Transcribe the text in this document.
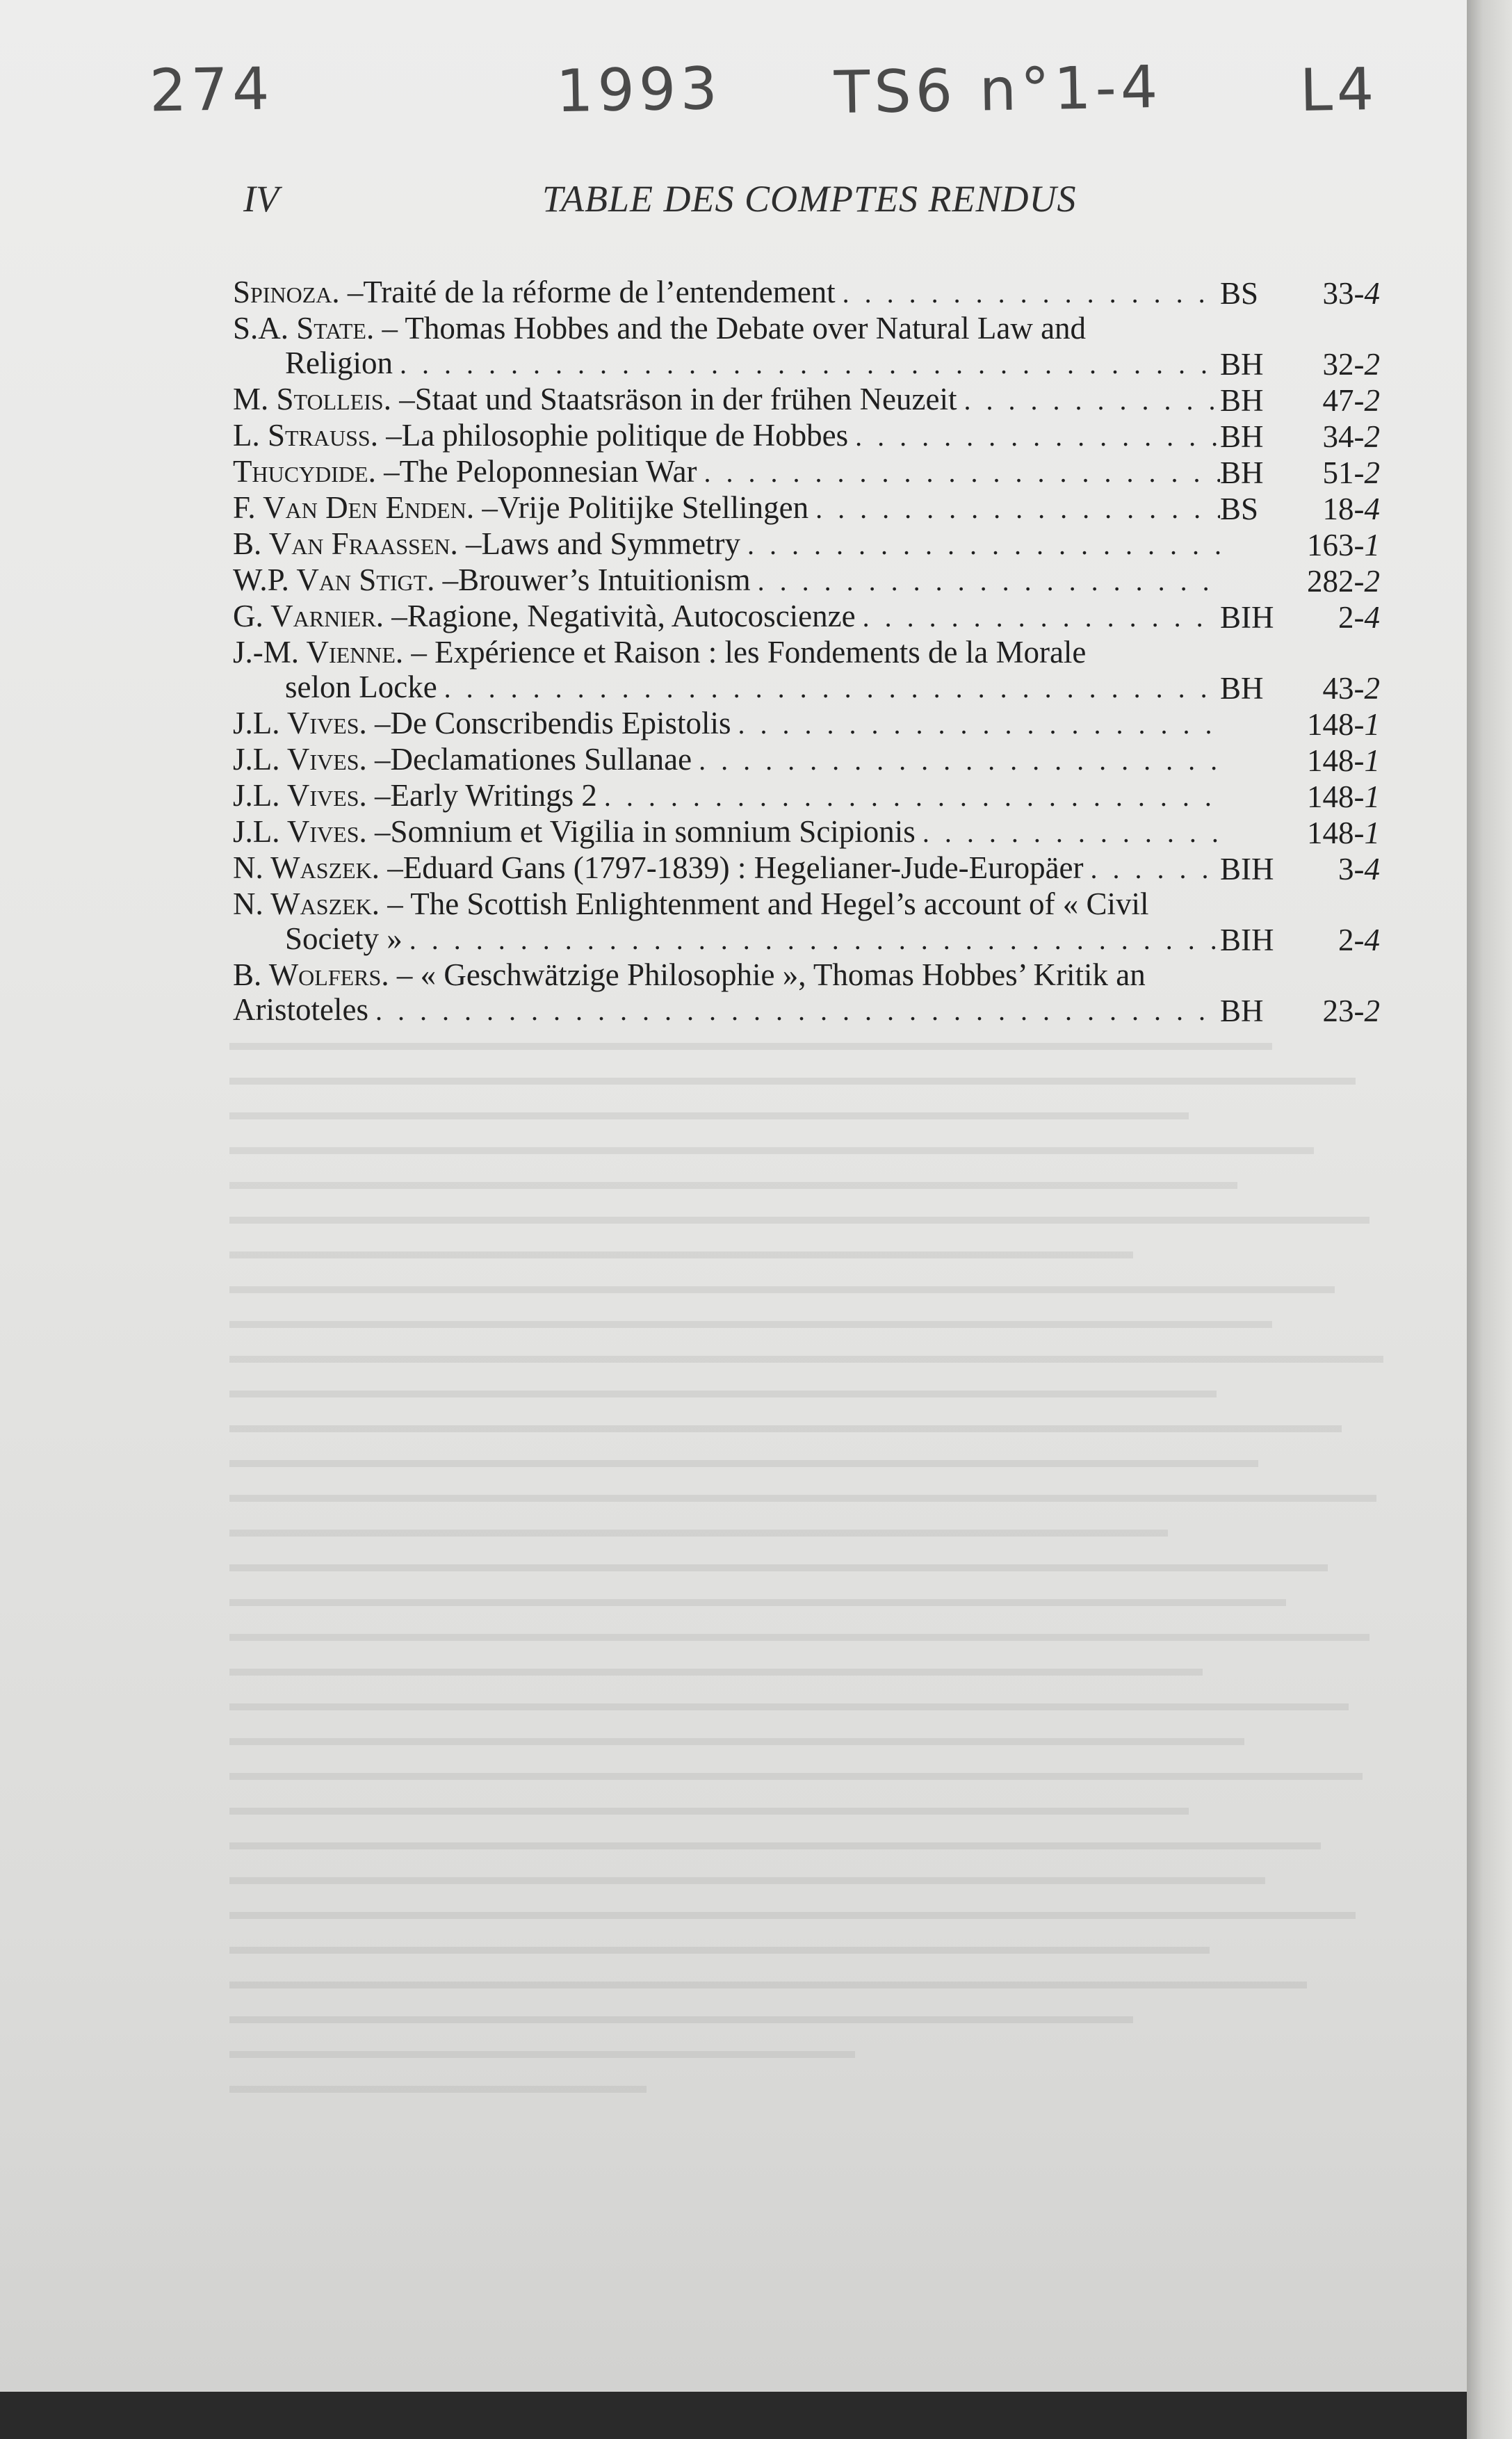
274	1993 TS6 n°1-4 L4
IV	TABLE DES COMPTES RENDUS
Spinoza . – Traité de la réforme de l’entendement . . .	BS	33-4
S.A. State. – Thomas Hobbes and the Debate over Natural Law and
Religion . . .	BH	32-2
M. Stolleis . – Staat und Staatsräson in der frühen Neuzeit . . .	BH	47-2
L. Strauss . – La philosophie politique de Hobbes . . .	BH	34-2
Thucydide . – The Peloponnesian War . . .	BH	51-2
F. Van Den Enden . – Vrije Politijke Stellingen . . .	BS	18-4
B. Van Fraassen . – Laws and Symmetry . . .	163-1
W.P. Van Stigt . – Brouwer’s Intuitionism . . .	282-2
G. Varnier . – Ragione, Negatività, Autocoscienze . . .	BIH	2-4
J.-M. Vienne. – Expérience et Raison : les Fondements de la Morale
selon Locke . . .	BH	43-2
J.L. Vives . – De Conscribendis Epistolis . . .	148-1
J.L. Vives . – Declamationes Sullanae . . .	148-1
J.L. Vives . – Early Writings 2 . . .	148-1
J.L. Vives . – Somnium et Vigilia in somnium Scipionis . . .	148-1
N. Waszek . – Eduard Gans (1797-1839) : Hegelianer-Jude-Europäer . . .	BIH	3-4
N. Waszek. – The Scottish Enlightenment and Hegel’s account of « Civil
Society » . . .	BIH	2-4
B. Wolfers. – « Geschwätzige Philosophie », Thomas Hobbes’ Kritik an
Aristoteles . . .	BH	23-2
